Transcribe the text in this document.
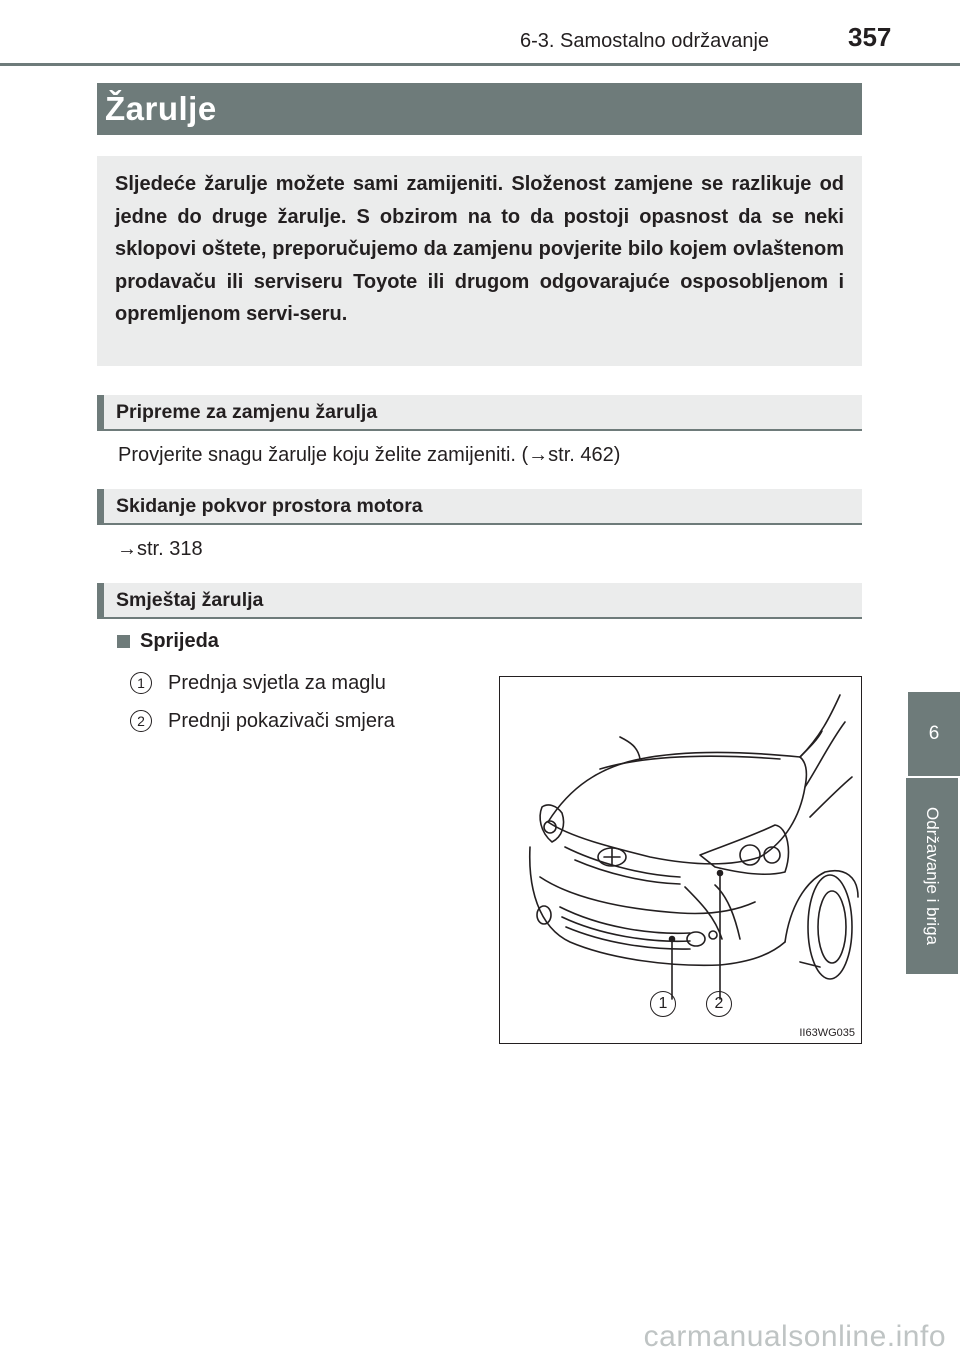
6-3. Samostalno održavanje	357
6
Održavanje i briga
Žarulje

Sljedeće žarulje možete sami zamijeniti. Složenost zamjene se razlikuje od jedne do druge žarulje. S obzirom na to da postoji opasnost da se neki sklopovi oštete, preporučujemo da zamjenu povjerite bilo kojem ovlaštenom prodavaču ili serviseru Toyote ili drugom odgovarajuće osposobljenom i opremljenom servi-seru.

Pripreme za zamjenu žarulja
Provjerite snagu žarulje koju želite zamijeniti. (→str. 462)
Skidanje pokvor prostora motora
→str. 318
Smještaj žarulja
Sprijeda
1	Prednja svjetla za maglu
2	Prednji pokazivači smjera
1	2
II63WG035
carmanualsonline.info
